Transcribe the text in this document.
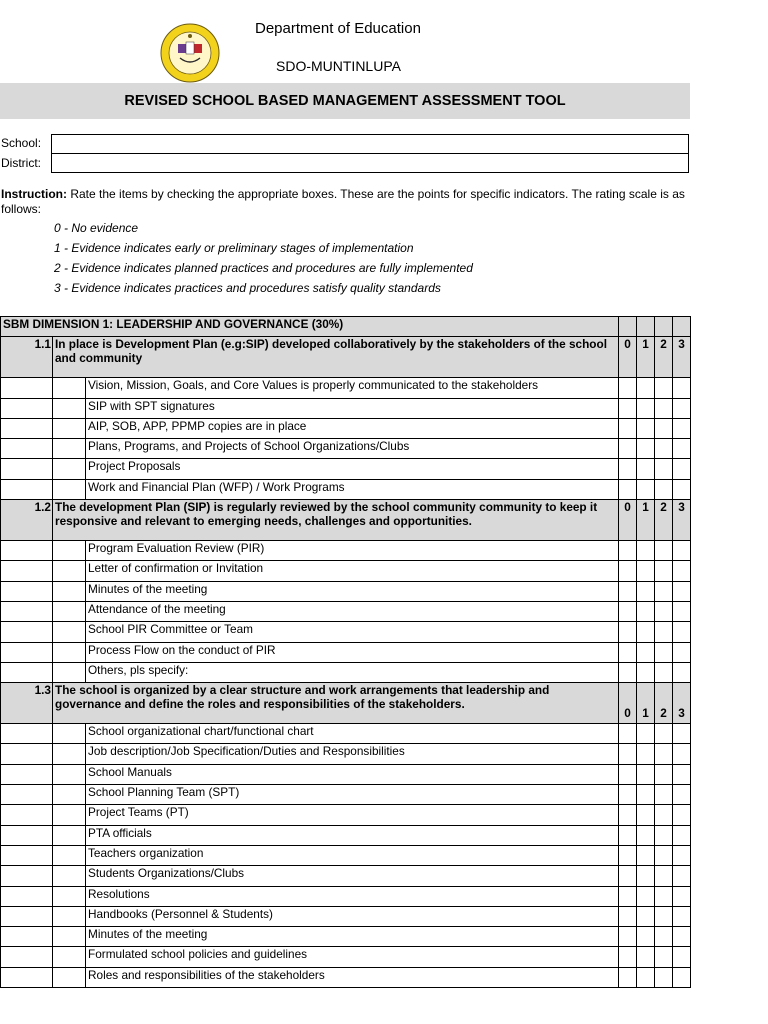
Department of Education
SDO-MUNTINLUPA
REVISED SCHOOL BASED MANAGEMENT ASSESSMENT TOOL
School:
District:
Instruction: Rate the items by checking the appropriate boxes. These are the points for specific indicators. The rating scale is as follows:
0 - No evidence
1 - Evidence indicates early or preliminary stages of implementation
2 - Evidence indicates planned practices and procedures are fully implemented
3 - Evidence indicates practices and procedures satisfy quality standards
SBM DIMENSION 1: LEADERSHIP AND GOVERNANCE (30%)						
1.1	In place is Development Plan (e.g:SIP) developed collaboratively by the stakeholders of the school and community		0	1	2	3
		Vision, Mission, Goals, and Core Values is properly communicated to the stakeholders				
		SIP with SPT signatures				
		AIP, SOB, APP, PPMP copies are in place				
		Plans, Programs, and Projects of School Organizations/Clubs				
		Project Proposals				
		Work and Financial Plan (WFP) / Work Programs				
1.2	The development Plan (SIP) is regularly reviewed by the school community community to keep it responsive and relevant to emerging needs, challenges and opportunities.		0	1	2	3
		Program Evaluation Review (PIR)				
		Letter of confirmation or Invitation				
		Minutes of the meeting				
		Attendance of the meeting				
		School PIR Committee or Team				
		Process Flow on the conduct of PIR				
		Others, pls specify:				
1.3	The school is organized by a clear structure and work arrangements that leadership and governance and define the roles and responsibilities of the stakeholders.		0	1	2	3
		School organizational chart/functional chart				
		Job description/Job Specification/Duties and Responsibilities				
		School Manuals				
		School Planning Team (SPT)				
		Project Teams (PT)				
		PTA officials				
		Teachers organization				
		Students Organizations/Clubs				
		Resolutions				
		Handbooks (Personnel & Students)				
		Minutes of the meeting				
		Formulated school policies and guidelines				
		Roles and responsibilities of the stakeholders				
